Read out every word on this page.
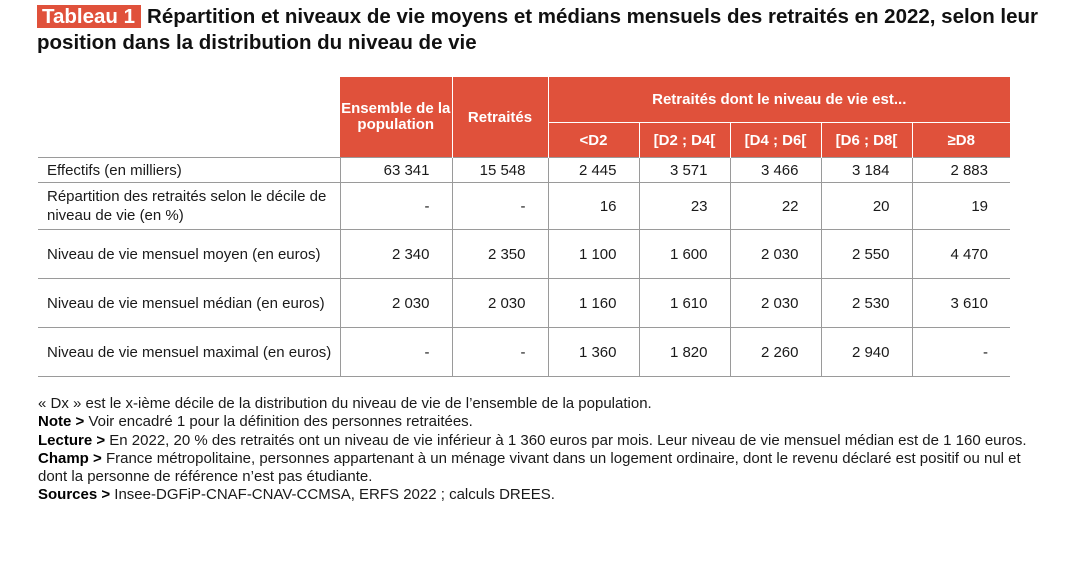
Tableau 1 Répartition et niveaux de vie moyens et médians mensuels des retraités en 2022, selon leur position dans la distribution du niveau de vie
	Ensemble de la population	Retraités	Retraités dont le niveau de vie est...				
			<D2	[D2 ; D4[	[D4 ; D6[	[D6 ; D8[	≥D8
Effectifs (en milliers)	63 341	15 548	2 445	3 571	3 466	3 184	2 883
Répartition des retraités selon le décile de niveau de vie (en %)	-	-	16	23	22	20	19
Niveau de vie mensuel moyen (en euros)	2 340	2 350	1 100	1 600	2 030	2 550	4 470
Niveau de vie mensuel médian (en euros)	2 030	2 030	1 160	1 610	2 030	2 530	3 610
Niveau de vie mensuel maximal (en euros)	-	-	1 360	1 820	2 260	2 940	-

« Dx » est le x-ième décile de la distribution du niveau de vie de l’ensemble de la population.

Note > Voir encadré 1 pour la définition des personnes retraitées.

Lecture > En 2022, 20 % des retraités ont un niveau de vie inférieur à 1 360 euros par mois. Leur niveau de vie mensuel médian est de 1 160 euros.

Champ > France métropolitaine, personnes appartenant à un ménage vivant dans un logement ordinaire, dont le revenu déclaré est positif ou nul et dont la personne de référence n’est pas étudiante.

Sources > Insee-DGFiP-CNAF-CNAV-CCMSA, ERFS 2022 ; calculs DREES.
